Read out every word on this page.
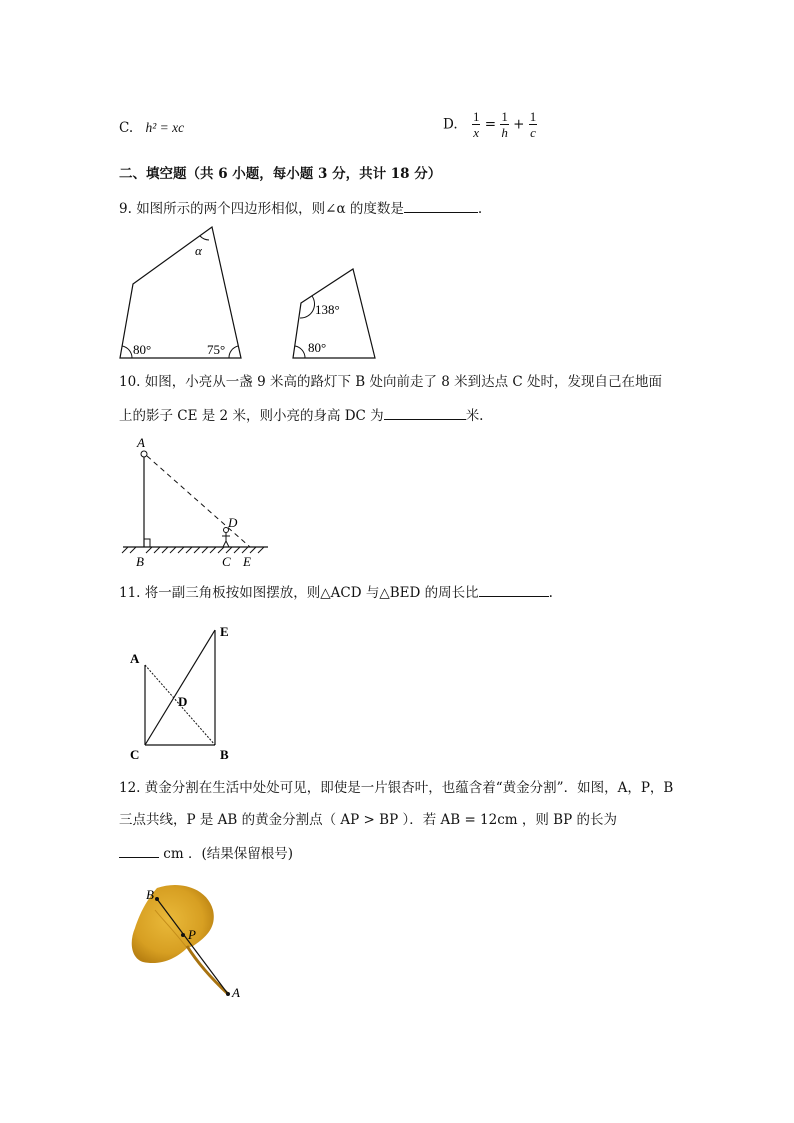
C. h² = xc	D. $\frac{1}{x} = \frac{1}{h} + \frac{1}{c}$
二、填空题（共 6 小题，每小题 3 分，共计 18 分）
9. 如图所示的两个四边形相似，则∠α 的度数是	.
α
80°	75°
138°
80°
10. 如图，小亮从一盏 9 米高的路灯下 B 处向前走了 8 米到达点 C 处时，发现自己在地面
上的影子 CE 是 2 米，则小亮的身高 DC 为	米.
A
B	C
D
E
11. 将一副三角板按如图摆放，则△ACD 与△BED 的周长比	.
A
C
D
E
B
12. 黄金分割在生活中处处可见，即使是一片银杏叶，也蕴含着“黄金分割”．如图，A，P，B
三点共线，P 是 AB 的黄金分割点（ AP > BP ）．若 AB = 12cm ，则 BP 的长为
cm ．(结果保留根号)
B
P
A
